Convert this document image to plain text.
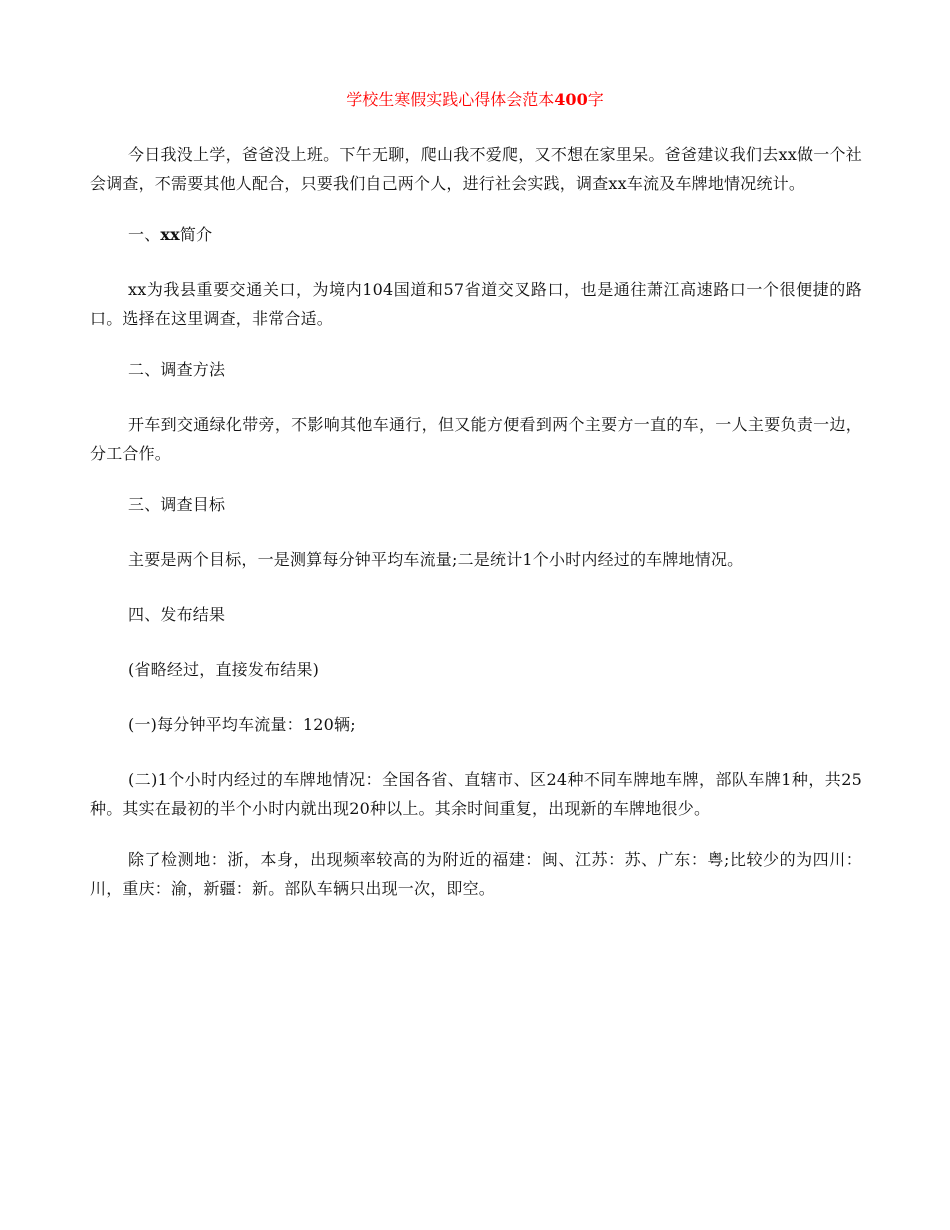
学校生寒假实践心得体会范本400字

今日我没上学，爸爸没上班。下午无聊，爬山我不爱爬，又不想在家里呆。爸爸建议我们去xx做一个社会调查，不需要其他人配合，只要我们自己两个人，进行社会实践，调查xx车流及车牌地情况统计。

一、xx简介

xx为我县重要交通关口，为境内104国道和57省道交叉路口，也是通往萧江高速路口一个很便捷的路口。选择在这里调查，非常合适。

二、调查方法

开车到交通绿化带旁，不影响其他车通行，但又能方便看到两个主要方一直的车，一人主要负责一边，分工合作。

三、调查目标

主要是两个目标，一是测算每分钟平均车流量;二是统计1个小时内经过的车牌地情况。

四、发布结果

(省略经过，直接发布结果)

(一)每分钟平均车流量：120辆;

(二)1个小时内经过的车牌地情况：全国各省、直辖市、区24种不同车牌地车牌，部队车牌1种，共25种。其实在最初的半个小时内就出现20种以上。其余时间重复，出现新的车牌地很少。

除了检测地：浙，本身，出现频率较高的为附近的福建：闽、江苏：苏、广东：粤;比较少的为四川：川，重庆：渝，新疆：新。部队车辆只出现一次，即空。
